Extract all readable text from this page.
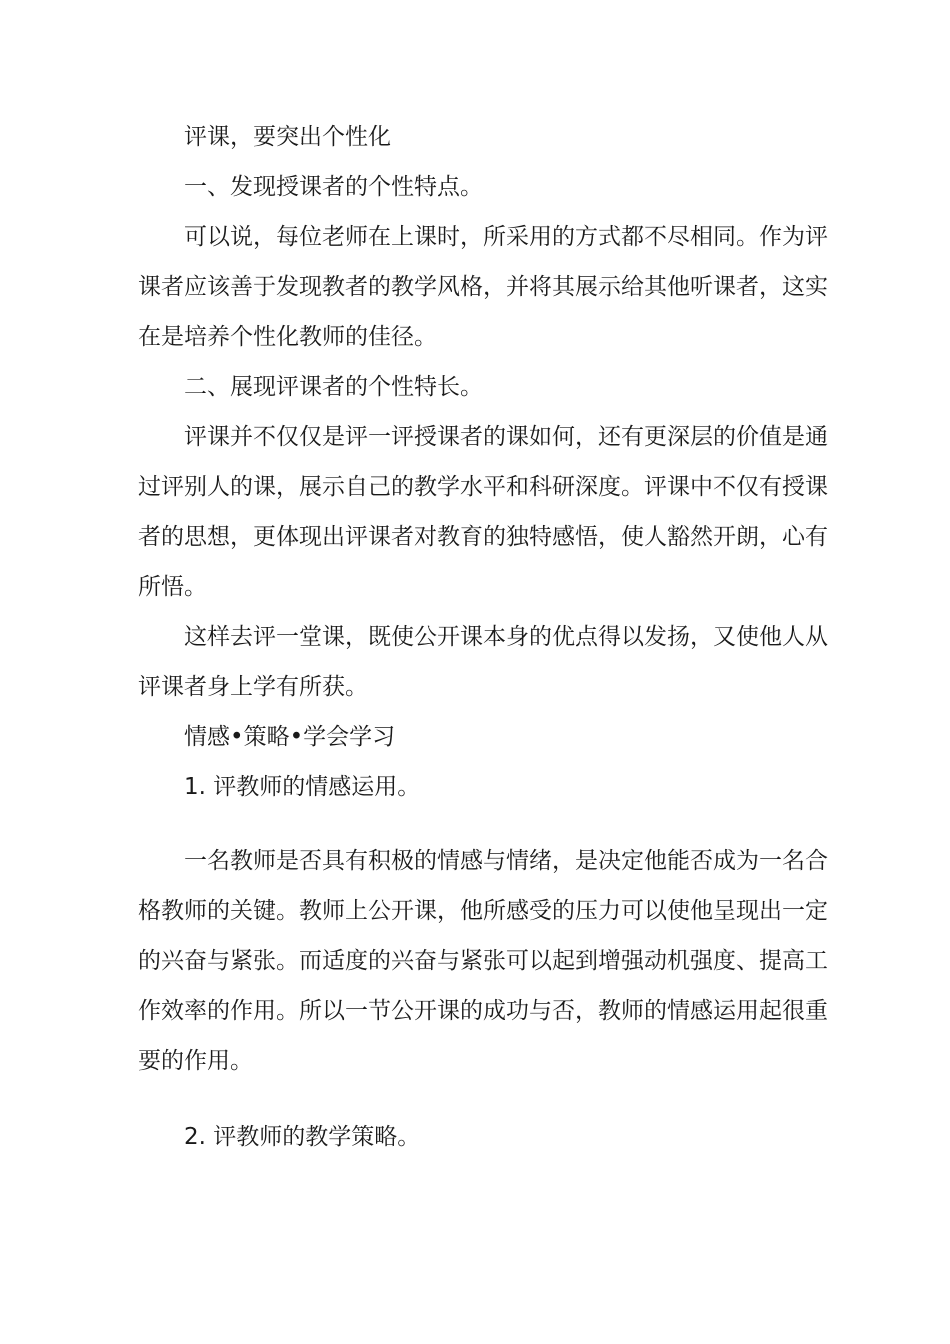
评课，要突出个性化

一、发现授课者的个性特点。

可以说，每位老师在上课时，所采用的方式都不尽相同。作为评课者应该善于发现教者的教学风格，并将其展示给其他听课者，这实在是培养个性化教师的佳径。

二、展现评课者的个性特长。

评课并不仅仅是评一评授课者的课如何，还有更深层的价值是通过评别人的课，展示自己的教学水平和科研深度。评课中不仅有授课者的思想，更体现出评课者对教育的独特感悟，使人豁然开朗，心有所悟。

这样去评一堂课，既使公开课本身的优点得以发扬，又使他人从评课者身上学有所获。

情感•策略•学会学习

1. 评教师的情感运用。

一名教师是否具有积极的情感与情绪，是决定他能否成为一名合格教师的关键。教师上公开课，他所感受的压力可以使他呈现出一定的兴奋与紧张。而适度的兴奋与紧张可以起到增强动机强度、提高工作效率的作用。所以一节公开课的成功与否，教师的情感运用起很重要的作用。

2. 评教师的教学策略。
